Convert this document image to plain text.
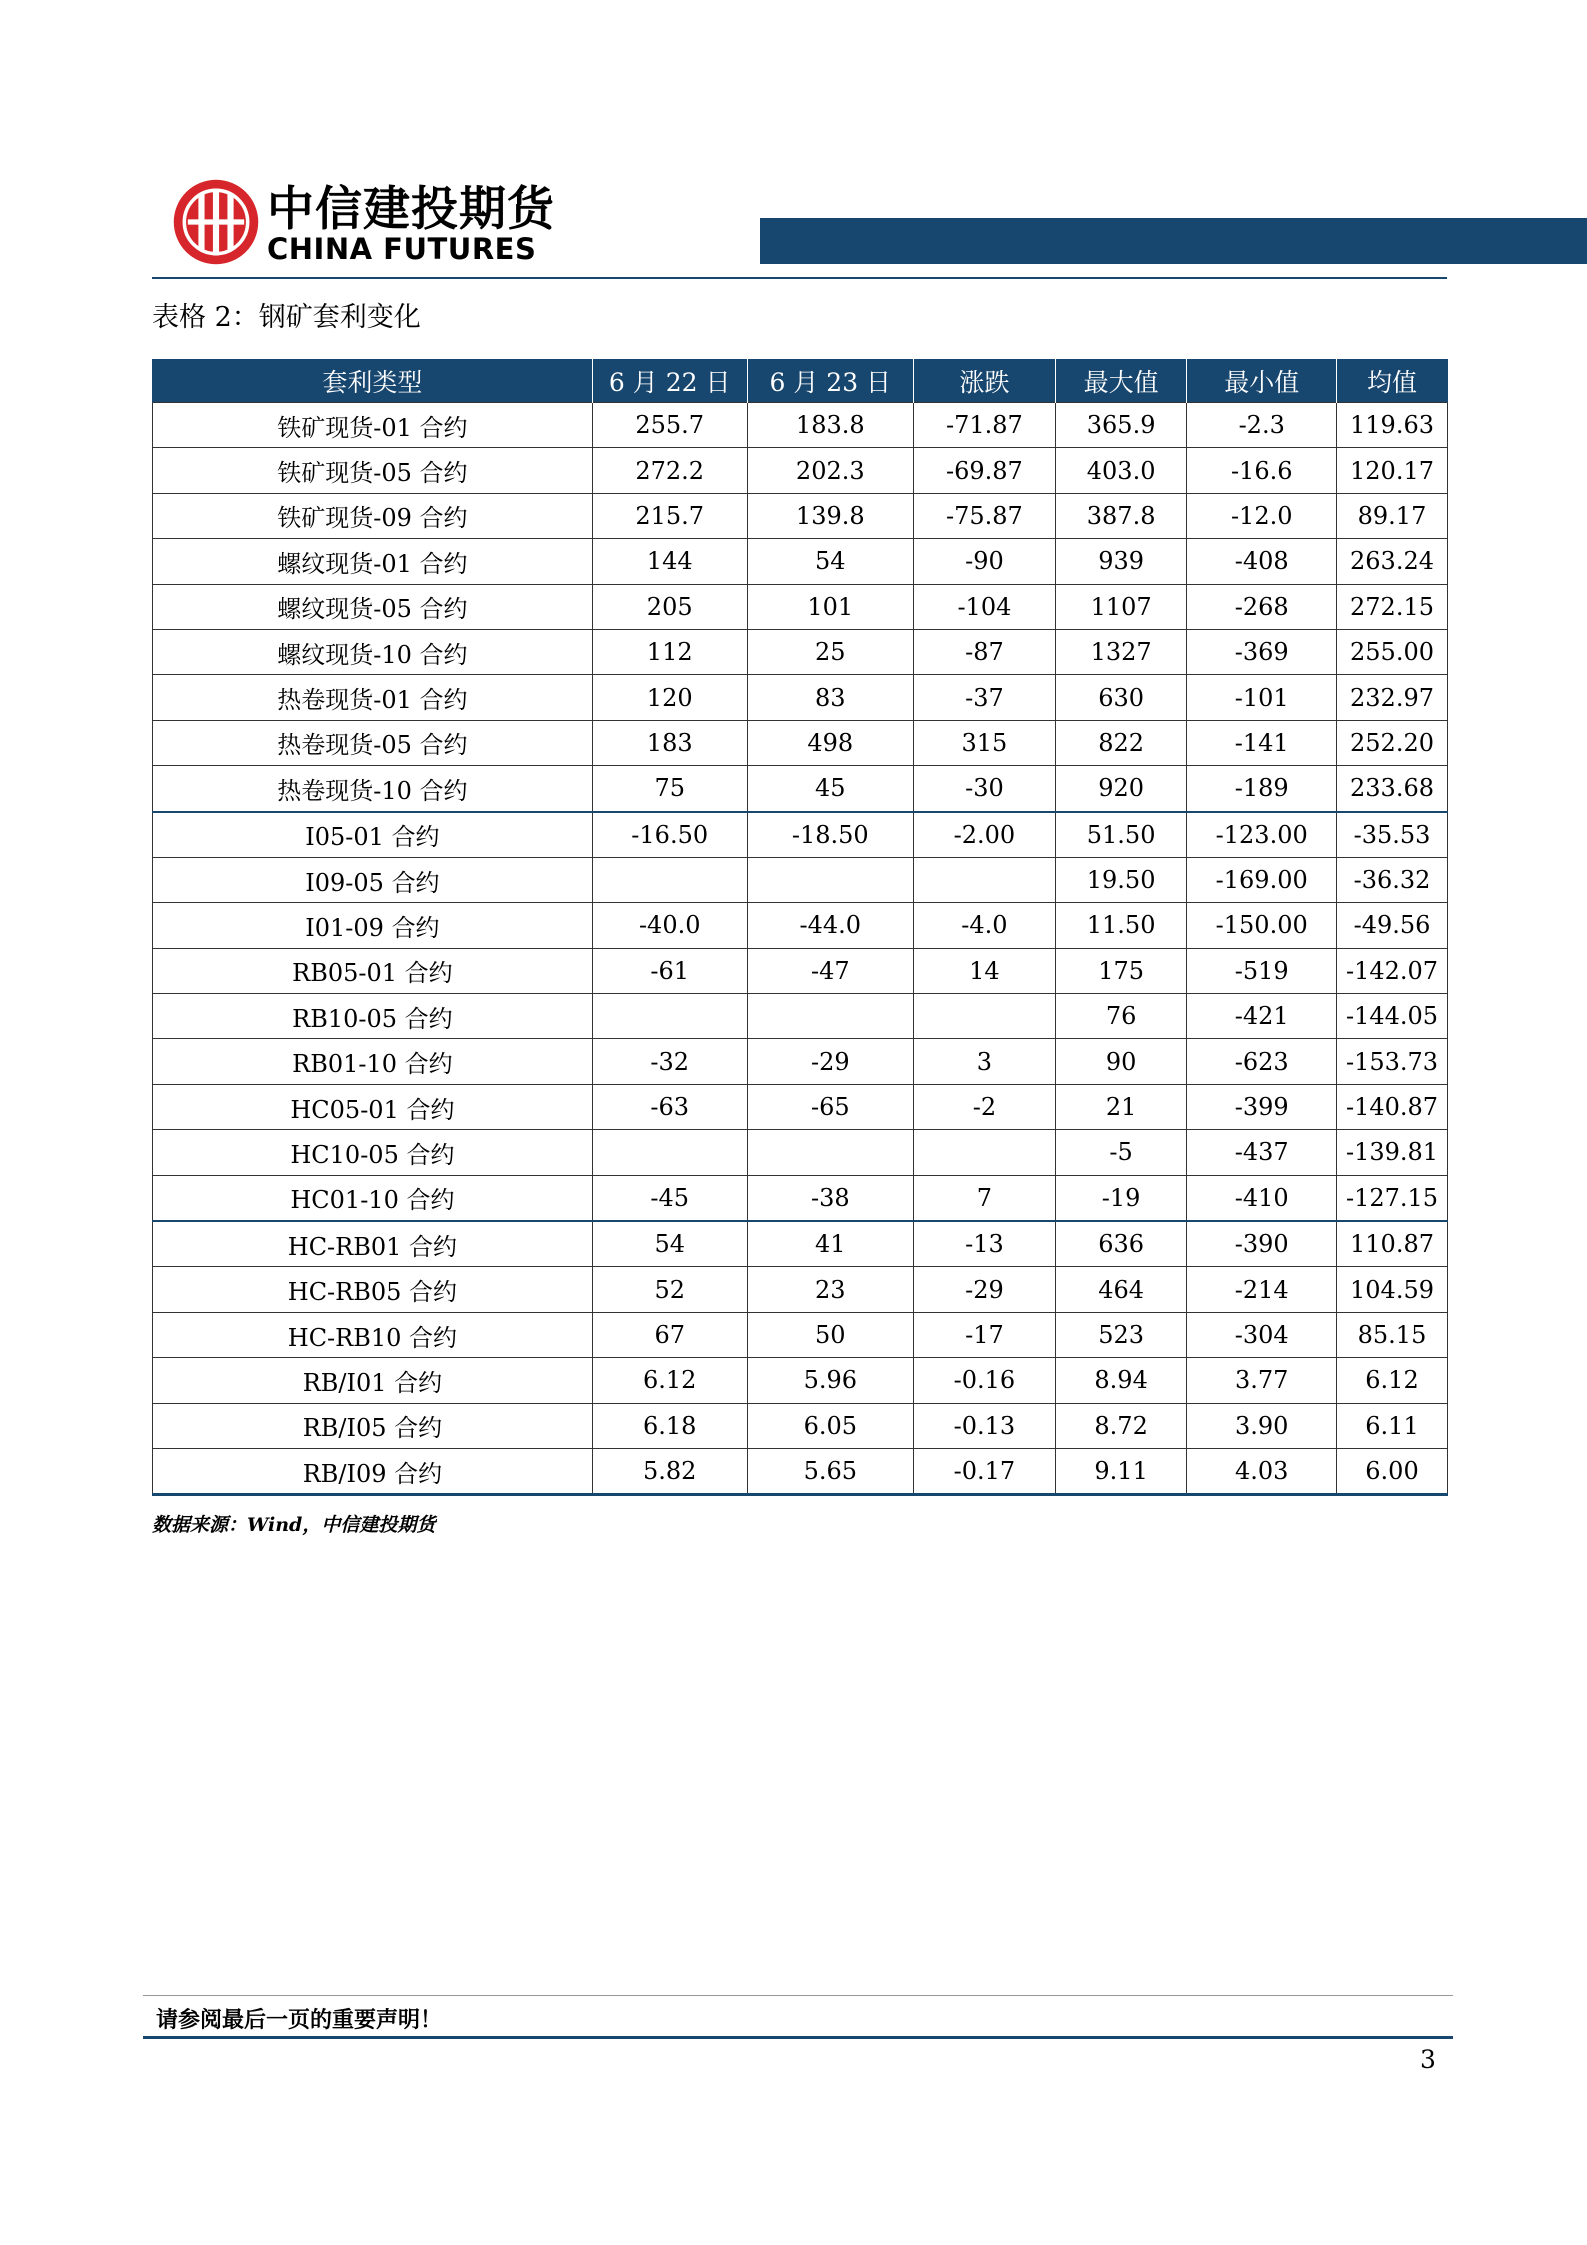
中信建投期货
CHINA FUTURES
表格 2：钢矿套利变化
套利类型	6 月 22 日	6 月 23 日	涨跌	最大值	最小值	均值
铁矿现货-01 合约	255.7	183.8	-71.87	365.9	-2.3	119.63
铁矿现货-05 合约	272.2	202.3	-69.87	403.0	-16.6	120.17
铁矿现货-09 合约	215.7	139.8	-75.87	387.8	-12.0	89.17
螺纹现货-01 合约	144	54	-90	939	-408	263.24
螺纹现货-05 合约	205	101	-104	1107	-268	272.15
螺纹现货-10 合约	112	25	-87	1327	-369	255.00
热卷现货-01 合约	120	83	-37	630	-101	232.97
热卷现货-05 合约	183	498	315	822	-141	252.20
热卷现货-10 合约	75	45	-30	920	-189	233.68
I05-01 合约	-16.50	-18.50	-2.00	51.50	-123.00	-35.53
I09-05 合约				19.50	-169.00	-36.32
I01-09 合约	-40.0	-44.0	-4.0	11.50	-150.00	-49.56
RB05-01 合约	-61	-47	14	175	-519	-142.07
RB10-05 合约				76	-421	-144.05
RB01-10 合约	-32	-29	3	90	-623	-153.73
HC05-01 合约	-63	-65	-2	21	-399	-140.87
HC10-05 合约				-5	-437	-139.81
HC01-10 合约	-45	-38	7	-19	-410	-127.15
HC-RB01 合约	54	41	-13	636	-390	110.87
HC-RB05 合约	52	23	-29	464	-214	104.59
HC-RB10 合约	67	50	-17	523	-304	85.15
RB/I01 合约	6.12	5.96	-0.16	8.94	3.77	6.12
RB/I05 合约	6.18	6.05	-0.13	8.72	3.90	6.11
RB/I09 合约	5.82	5.65	-0.17	9.11	4.03	6.00
数据来源：Wind，中信建投期货
请参阅最后一页的重要声明！
3
